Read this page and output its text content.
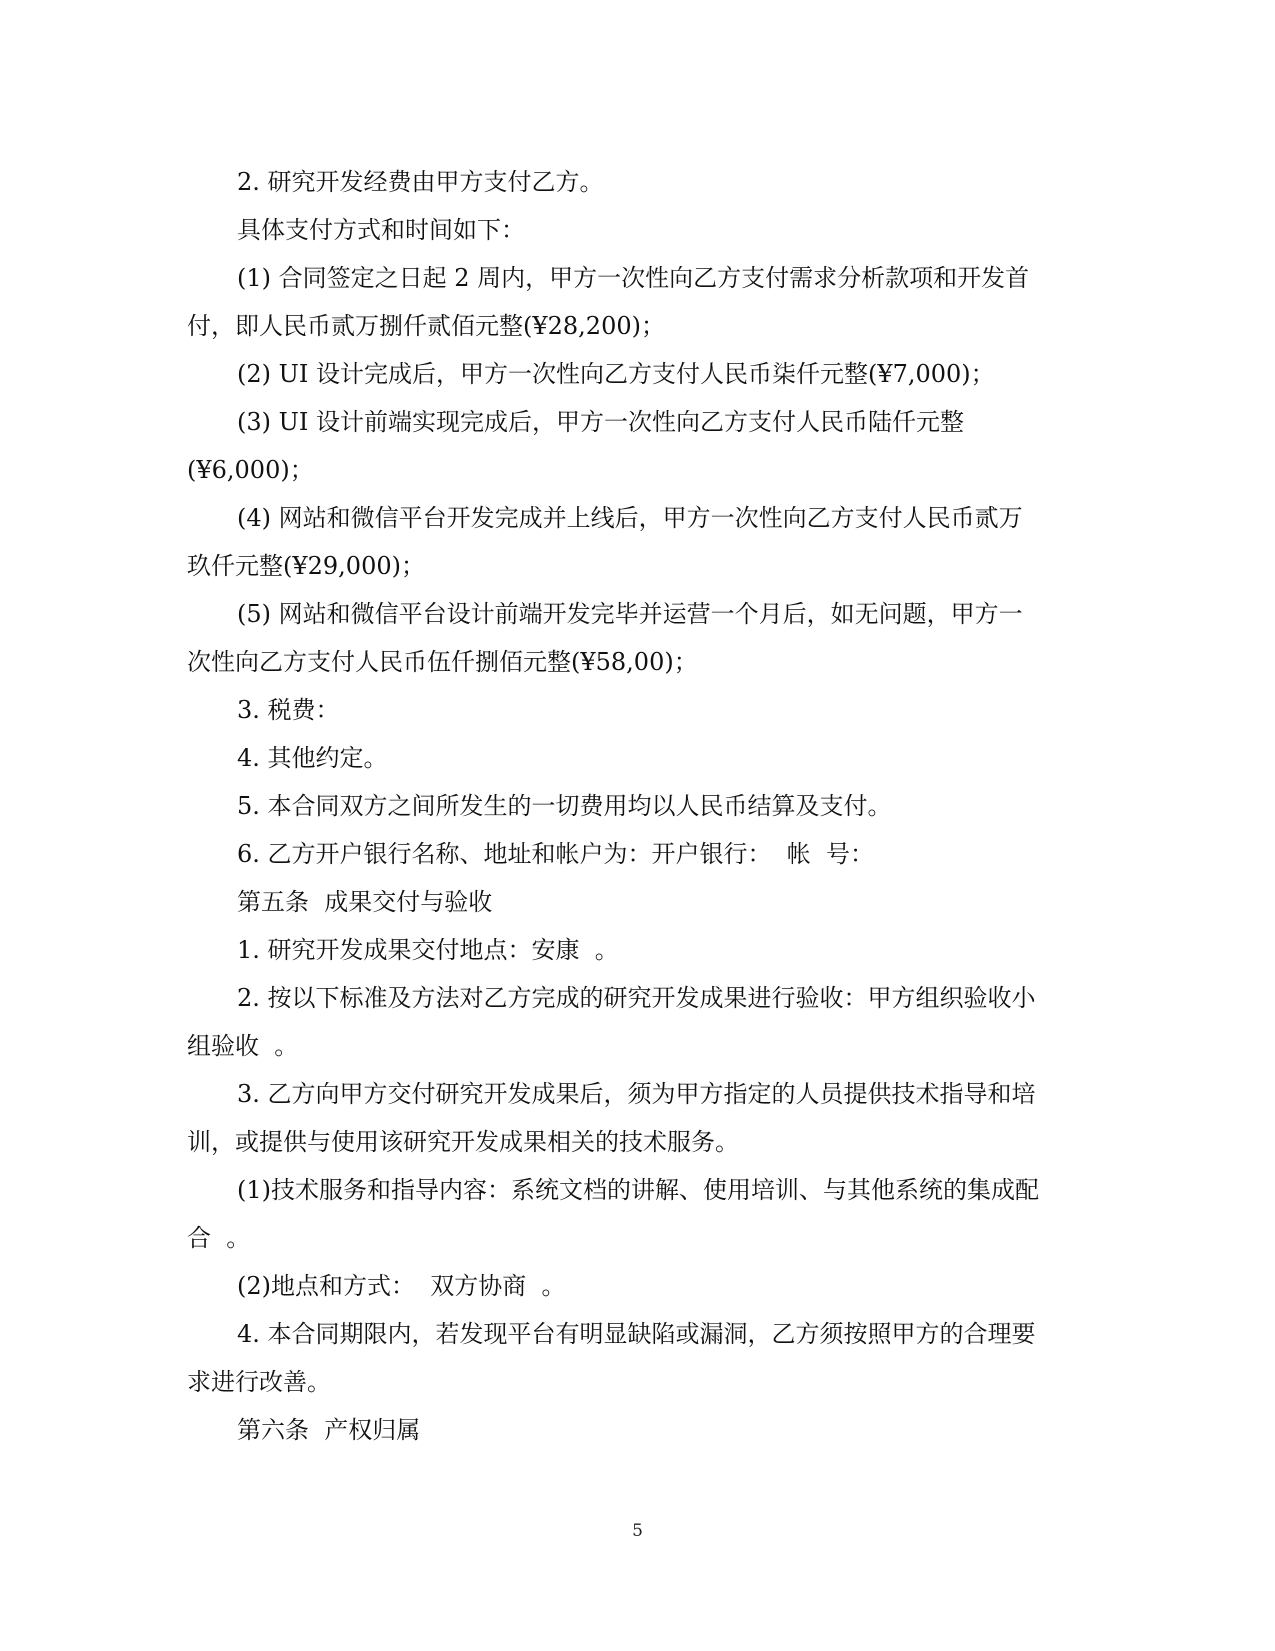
2. 研究开发经费由甲方支付乙方。
具体支付方式和时间如下：
(1) 合同签定之日起 2 周内，甲方一次性向乙方支付需求分析款项和开发首
付，即人民币贰万捌仟贰佰元整(¥28,200)；
(2) UI 设计完成后，甲方一次性向乙方支付人民币柒仟元整(¥7,000)；
(3) UI 设计前端实现完成后，甲方一次性向乙方支付人民币陆仟元整
(¥6,000)；
(4) 网站和微信平台开发完成并上线后，甲方一次性向乙方支付人民币贰万
玖仟元整(¥29,000)；
(5) 网站和微信平台设计前端开发完毕并运营一个月后，如无问题，甲方一
次性向乙方支付人民币伍仟捌佰元整(¥58,00)；
3. 税费：
4. 其他约定。
5. 本合同双方之间所发生的一切费用均以人民币结算及支付。
6. 乙方开户银行名称、地址和帐户为：开户银行：  帐  号：
第五条  成果交付与验收
1. 研究开发成果交付地点：安康  。
2. 按以下标准及方法对乙方完成的研究开发成果进行验收：甲方组织验收小
组验收  。
3. 乙方向甲方交付研究开发成果后，须为甲方指定的人员提供技术指导和培
训，或提供与使用该研究开发成果相关的技术服务。
(1)技术服务和指导内容：系统文档的讲解、使用培训、与其他系统的集成配
合  。
(2)地点和方式：  双方协商  。
4. 本合同期限内，若发现平台有明显缺陷或漏洞，乙方须按照甲方的合理要
求进行改善。
第六条  产权归属
5
